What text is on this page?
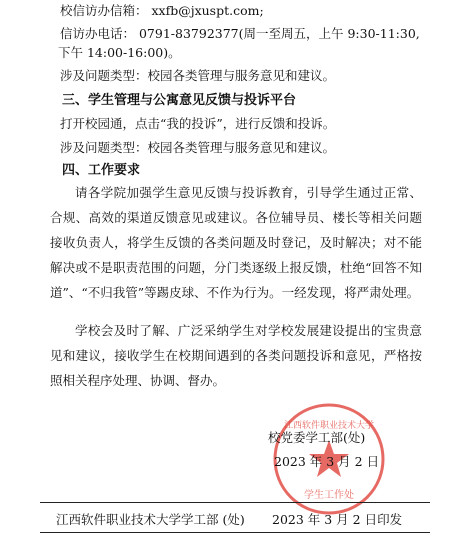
校信访办信箱： xxfb@jxuspt.com;
信访办电话： 0791-83792377(周一至周五，上午 9:30-11:30,
下午 14:00-16:00)。
涉及问题类型：校园各类管理与服务意见和建议。
三、学生管理与公寓意见反馈与投诉平台
打开校园通，点击“我的投诉”，进行反馈和投诉。
涉及问题类型：校园各类管理与服务意见和建议。
四、工作要求
请各学院加强学生意见反馈与投诉教育，引导学生通过正常、合规、高效的渠道反馈意见或建议。各位辅导员、楼长等相关问题接收负责人，将学生反馈的各类问题及时登记，及时解决；对不能解决或不是职责范围的问题，分门类逐级上报反馈，杜绝“回答不知道”、“不归我管”等踢皮球、不作为行为。一经发现，将严肃处理。
学校会及时了解、广泛采纳学生对学校发展建设提出的宝贵意见和建议，接收学生在校期间遇到的各类问题投诉和意见，严格按照相关程序处理、协调、督办。
江西软件职业技术大学
学生工作处
校党委学工部(处)
2023 年 3 月 2 日
江西软件职业技术大学学工部 (处) 2023 年 3 月 2 日印发
